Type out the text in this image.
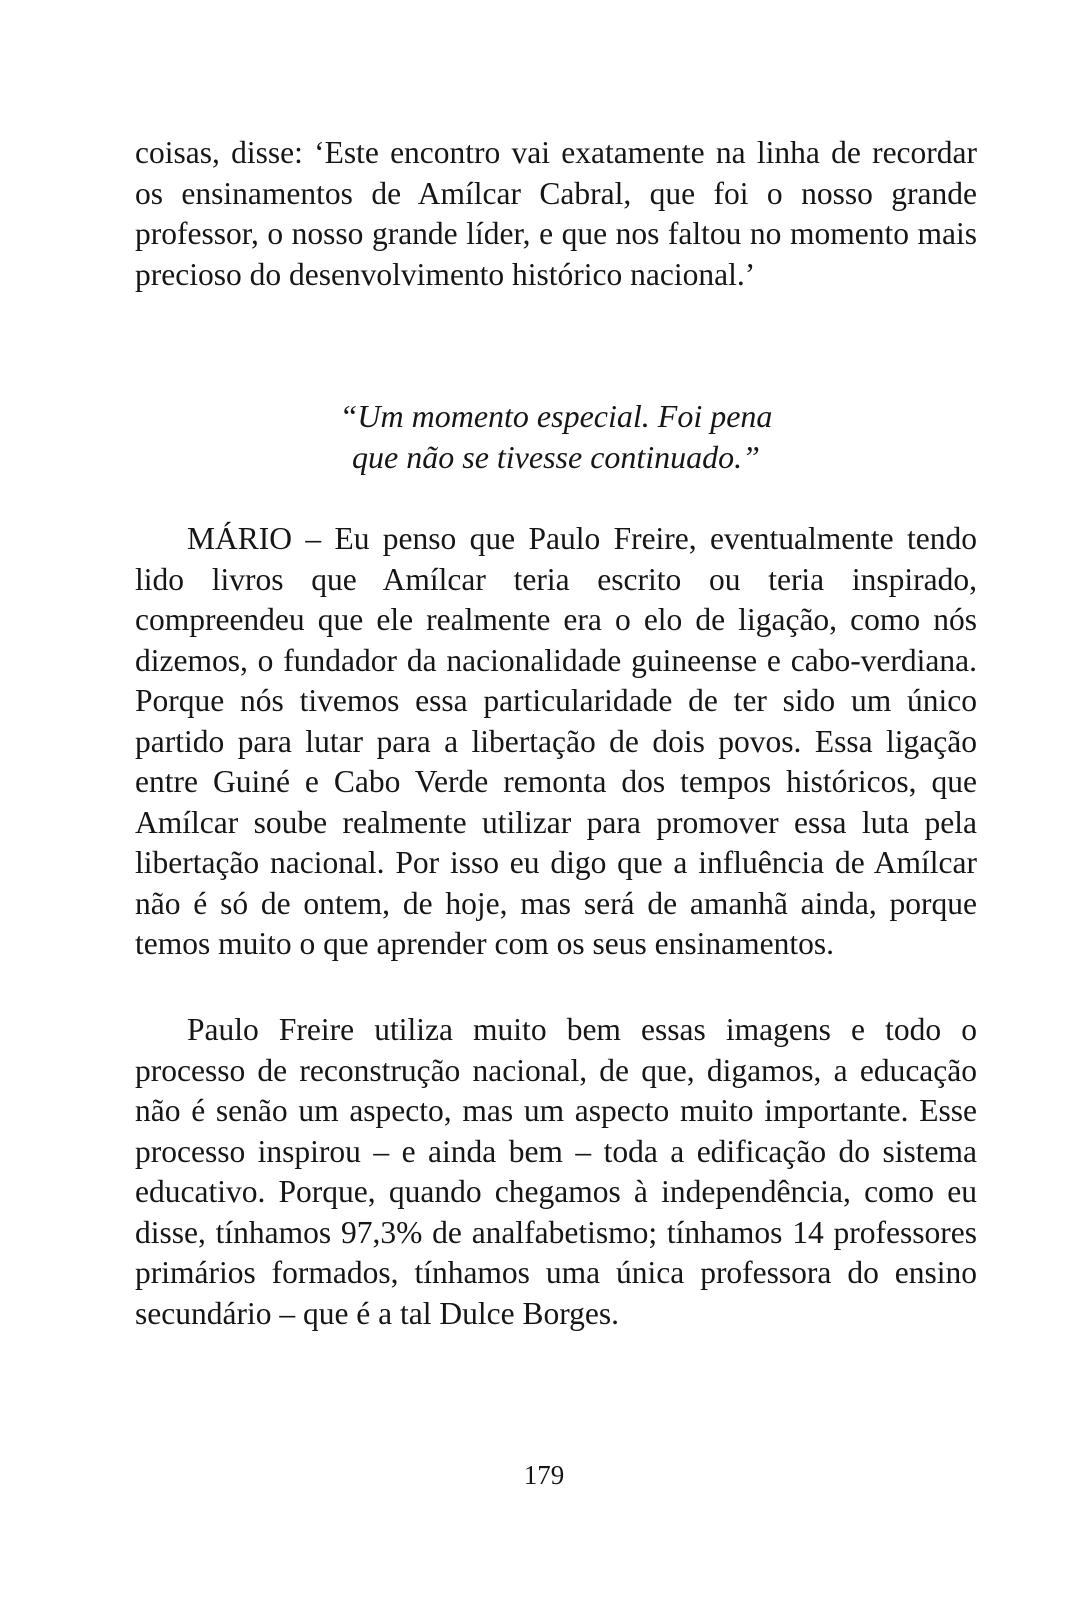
coisas, disse: ‘Este encontro vai exatamente na linha de recordar os ensinamentos de Amílcar Cabral, que foi o nosso grande professor, o nosso grande líder, e que nos faltou no momento mais precioso do desenvolvimento histórico nacional.’

“Um momento especial. Foi pena
que não se tivesse continuado.”

MÁRIO – Eu penso que Paulo Freire, eventualmente tendo lido livros que Amílcar teria escrito ou teria inspirado, compreendeu que ele realmente era o elo de ligação, como nós dizemos, o fundador da nacionalidade guineense e cabo-verdiana. Porque nós tivemos essa particularidade de ter sido um único partido para lutar para a libertação de dois povos. Essa ligação entre Guiné e Cabo Verde remonta dos tempos históricos, que Amílcar soube realmente utilizar para promover essa luta pela libertação nacional. Por isso eu digo que a influência de Amílcar não é só de ontem, de hoje, mas será de amanhã ainda, porque temos muito o que aprender com os seus ensinamentos.

Paulo Freire utiliza muito bem essas imagens e todo o processo de reconstrução nacional, de que, digamos, a educação não é senão um aspecto, mas um aspecto muito importante. Esse processo inspirou – e ainda bem – toda a edificação do sistema educativo. Porque, quando chegamos à independência, como eu disse, tínhamos 97,3% de analfabetismo; tínhamos 14 professores primários formados, tínhamos uma única professora do ensino secundário – que é a tal Dulce Borges.

179
